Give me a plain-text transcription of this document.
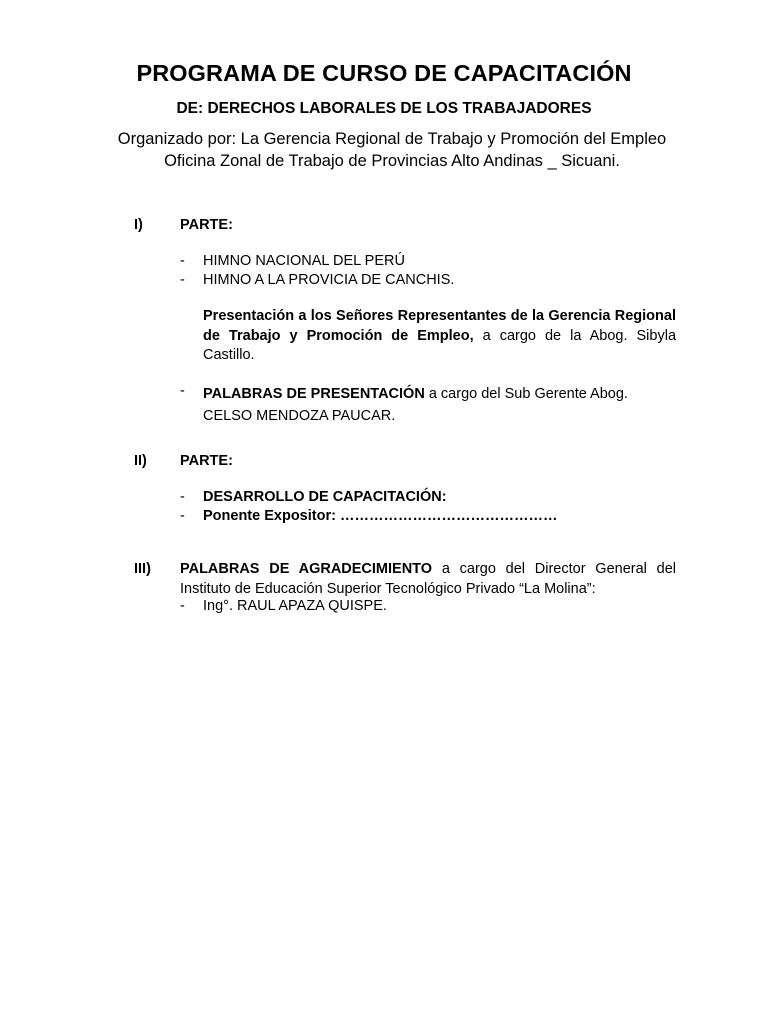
PROGRAMA DE CURSO DE CAPACITACIÓN
DE: DERECHOS LABORALES DE LOS TRABAJADORES
Organizado por: La Gerencia Regional de Trabajo y Promoción del Empleo Oficina Zonal de Trabajo de Provincias Alto Andinas _ Sicuani.
I)	PARTE:
- HIMNO NACIONAL DEL PERÚ
- HIMNO A LA PROVICIA DE CANCHIS.
Presentación a los Señores Representantes de la Gerencia Regional de Trabajo y Promoción de Empleo, a cargo de la Abog. Sibyla Castillo.
- PALABRAS DE PRESENTACIÓN a cargo del Sub Gerente Abog.
CELSO MENDOZA PAUCAR.
II) PARTE:
- DESARROLLO DE CAPACITACIÓN:
- Ponente Expositor: ………………………………………
III) PALABRAS DE AGRADECIMIENTO a cargo del Director General del Instituto de Educación Superior Tecnológico Privado “La Molina”:
- Ing°. RAUL APAZA QUISPE.
